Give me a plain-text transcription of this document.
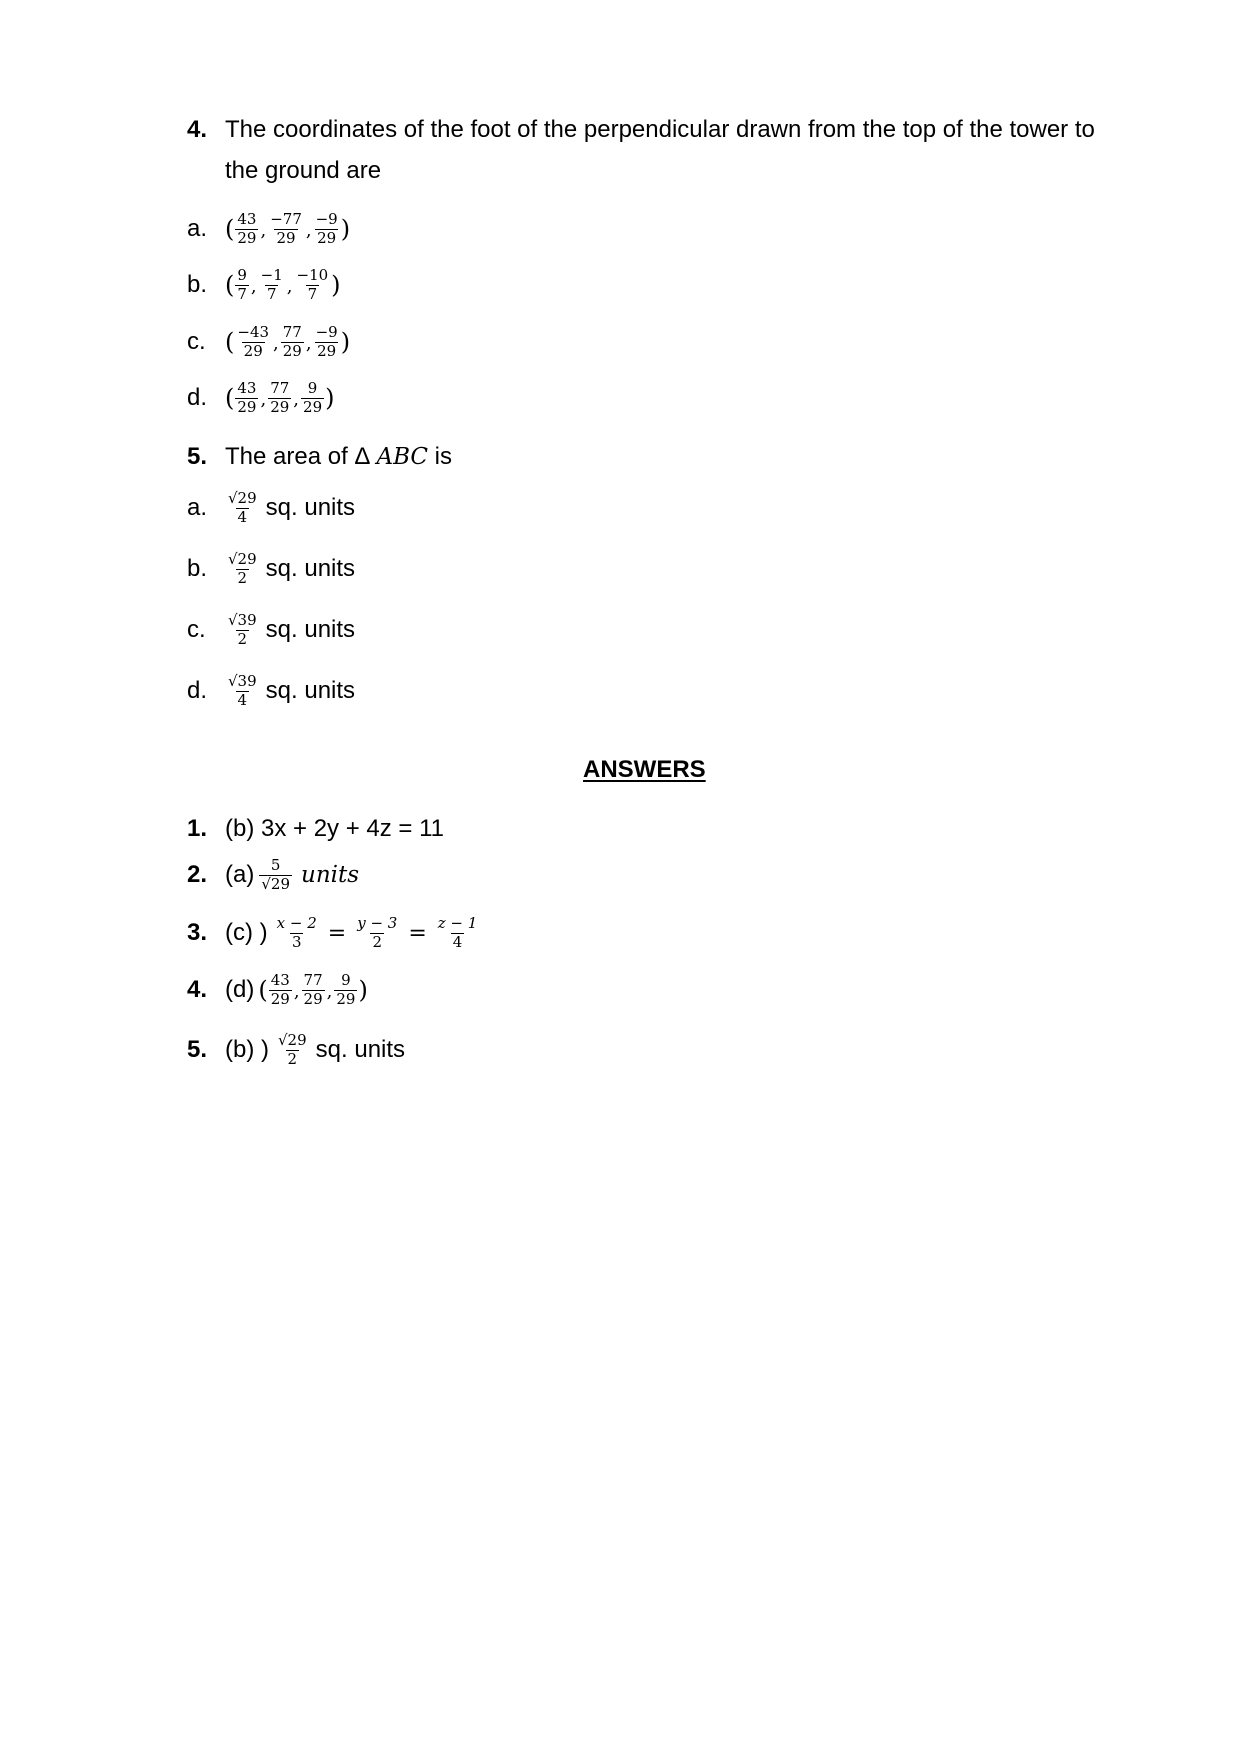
4. The coordinates of the foot of the perpendicular drawn from the top of the tower to
the ground are
a. ( $\frac{43}{29}$ , $\frac{-77}{29}$ , $\frac{-9}{29}$ )
b. ( $\frac{9}{7}$ , $\frac{-1}{7}$ , $\frac{-10}{7}$ )
c. ( $\frac{-43}{29}$ , $\frac{77}{29}$ , $\frac{-9}{29}$ )
d. ( $\frac{43}{29}$ , $\frac{77}{29}$ , $\frac{9}{29}$ )
5. The area of Δ ABC is
a.	$\frac{√29}{4}$ sq. units
b.	$\frac{√29}{2}$ sq. units
c.	$\frac{√39}{2}$ sq. units
d.	$\frac{√39}{4}$ sq. units
ANSWERS
1. (b) 3x + 2y + 4z = 11
2. $(a) \frac{5}{√29}$ units
3. (c) ) $\frac{x - 2}{3} = \frac{y - 3}{2} = \frac{z - 1}{4}$
4. (d) ( $\frac{43}{29}$ , $\frac{77}{29}$ , $\frac{9}{29}$ )
5. (b) ) $\frac{√29}{2}$ sq. units
